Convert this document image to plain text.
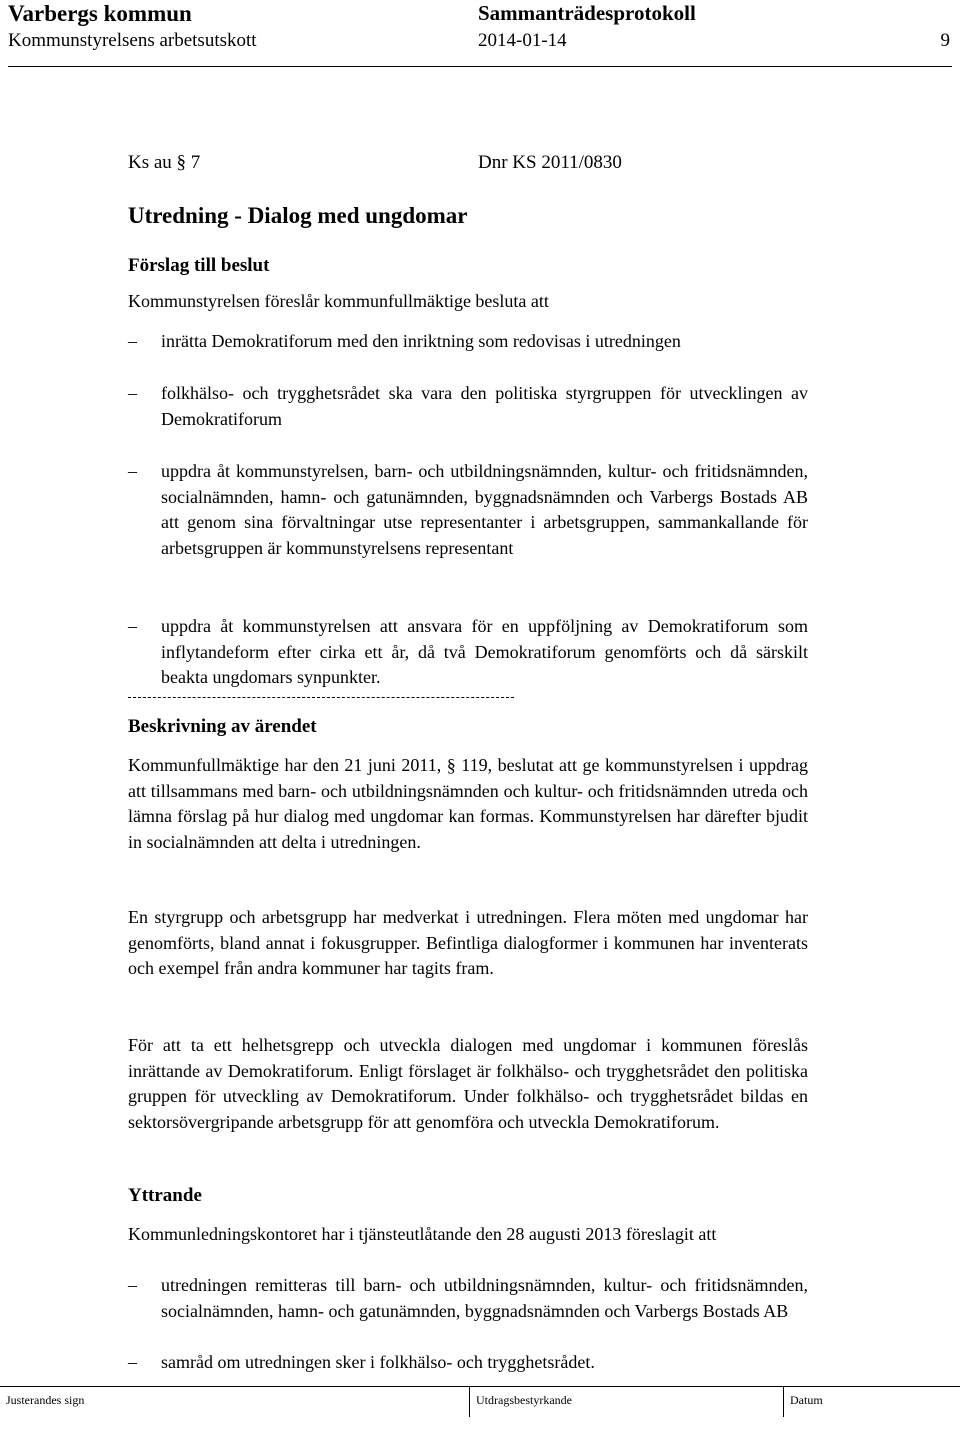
Varbergs kommun	Sammanträdesprotokoll
Kommunstyrelsens arbetsutskott	2014-01-14	9
Ks au § 7	Dnr KS 2011/0830
Utredning - Dialog med ungdomar
Förslag till beslut
Kommunstyrelsen föreslår kommunfullmäktige besluta att
–	inrätta Demokratiforum med den inriktning som redovisas i utredningen
–	folkhälso- och trygghetsrådet ska vara den politiska styrgruppen för utvecklingen av Demokratiforum
–	uppdra åt kommunstyrelsen, barn- och utbildningsnämnden, kultur- och fritidsnämnden, socialnämnden, hamn- och gatunämnden, byggnadsnämnden och Varbergs Bostads AB att genom sina förvaltningar utse representanter i arbetsgruppen, sammankallande för arbetsgruppen är kommunstyrelsens representant
–	uppdra åt kommunstyrelsen att ansvara för en uppföljning av Demokratiforum som inflytandeform efter cirka ett år, då två Demokratiforum genomförts och då särskilt beakta ungdomars synpunkter.
Beskrivning av ärendet
Kommunfullmäktige har den 21 juni 2011, § 119, beslutat att ge kommunstyrelsen i uppdrag att tillsammans med barn- och utbildningsnämnden och kultur- och fritidsnämnden utreda och lämna förslag på hur dialog med ungdomar kan formas. Kommunstyrelsen har därefter bjudit in socialnämnden att delta i utredningen.
En styrgrupp och arbetsgrupp har medverkat i utredningen. Flera möten med ungdomar har genomförts, bland annat i fokusgrupper. Befintliga dialogformer i kommunen har inventerats och exempel från andra kommuner har tagits fram.
För att ta ett helhetsgrepp och utveckla dialogen med ungdomar i kommunen föreslås inrättande av Demokratiforum. Enligt förslaget är folkhälso- och trygghetsrådet den politiska gruppen för utveckling av Demokratiforum. Under folkhälso- och trygghetsrådet bildas en sektorsövergripande arbetsgrupp för att genomföra och utveckla Demokratiforum.
Yttrande
Kommunledningskontoret har i tjänsteutlåtande den 28 augusti 2013 föreslagit att
–	utredningen remitteras till barn- och utbildningsnämnden, kultur- och fritidsnämnden, socialnämnden, hamn- och gatunämnden, byggnadsnämnden och Varbergs Bostads AB
–	samråd om utredningen sker i folkhälso- och trygghetsrådet.
Justerandes sign	Utdragsbestyrkande	Datum
